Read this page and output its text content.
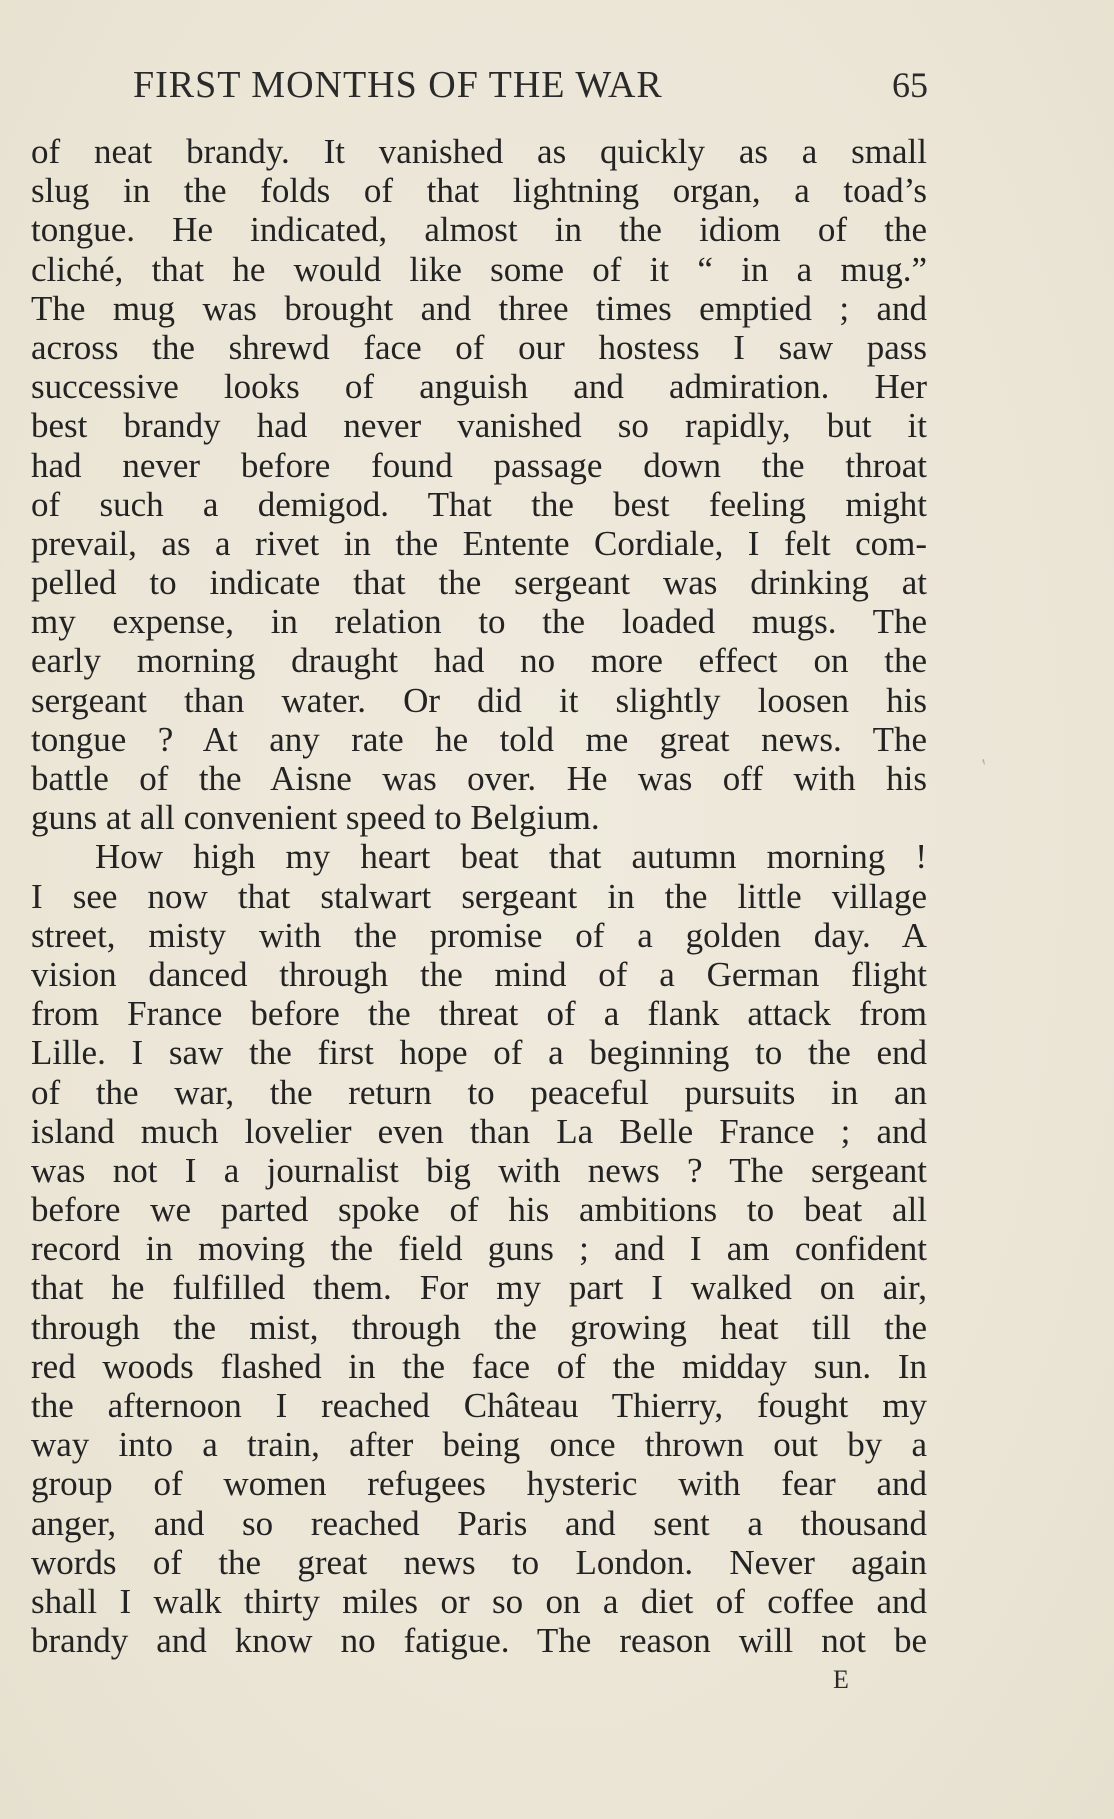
FIRST MONTHS OF THE WAR	65
of neat brandy. It vanished as quickly as a small
slug in the folds of that lightning organ, a toad’s
tongue. He indicated, almost in the idiom of the
cliché, that he would like some of it “ in a mug.”
The mug was brought and three times emptied ; and
across the shrewd face of our hostess I saw pass
successive looks of anguish and admiration. Her
best brandy had never vanished so rapidly, but it
had never before found passage down the throat
of such a demigod. That the best feeling might
prevail, as a rivet in the Entente Cordiale, I felt com-
pelled to indicate that the sergeant was drinking at
my expense, in relation to the loaded mugs. The
early morning draught had no more effect on the
sergeant than water. Or did it slightly loosen his
tongue ? At any rate he told me great news. The
battle of the Aisne was over. He was off with his
guns at all convenient speed to Belgium.
How high my heart beat that autumn morning !
I see now that stalwart sergeant in the little village
street, misty with the promise of a golden day. A
vision danced through the mind of a German flight
from France before the threat of a flank attack from
Lille. I saw the first hope of a beginning to the end
of the war, the return to peaceful pursuits in an
island much lovelier even than La Belle France ; and
was not I a journalist big with news ? The sergeant
before we parted spoke of his ambitions to beat all
record in moving the field guns ; and I am confident
that he fulfilled them. For my part I walked on air,
through the mist, through the growing heat till the
red woods flashed in the face of the midday sun. In
the afternoon I reached Château Thierry, fought my
way into a train, after being once thrown out by a
group of women refugees hysteric with fear and
anger, and so reached Paris and sent a thousand
words of the great news to London. Never again
shall I walk thirty miles or so on a diet of coffee and
brandy and know no fatigue. The reason will not be
E
′
